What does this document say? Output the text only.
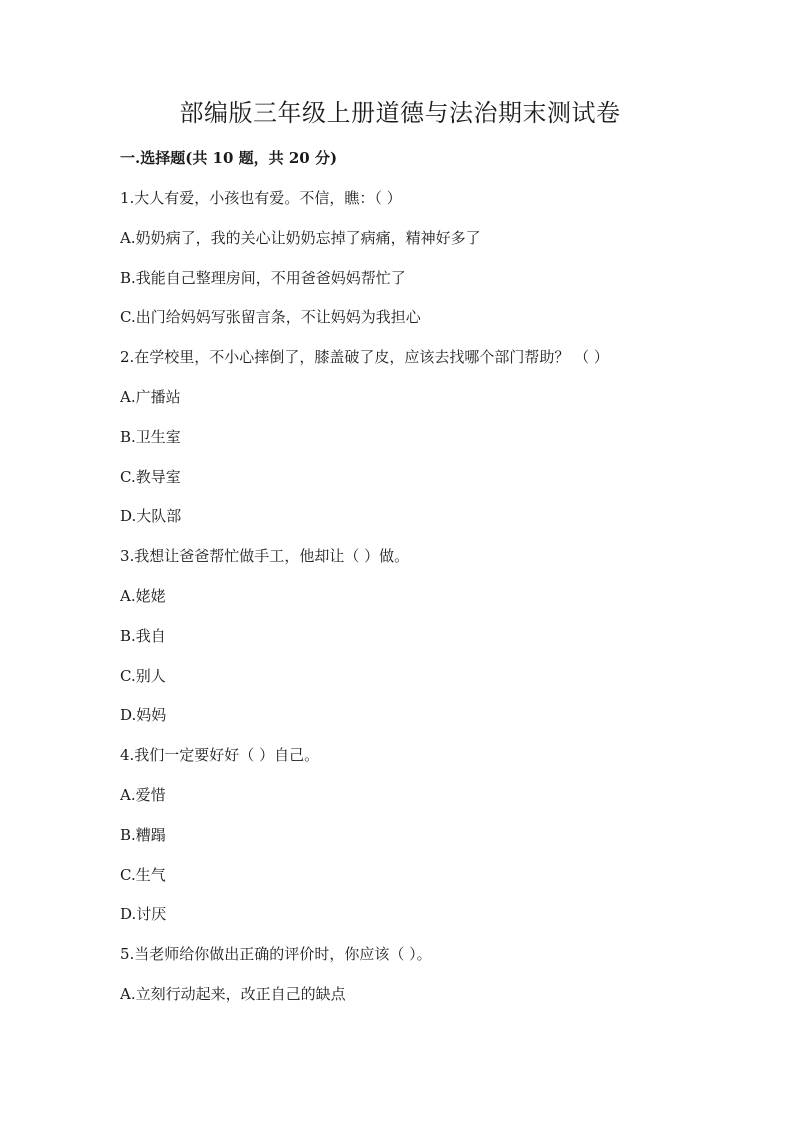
部编版三年级上册道德与法治期末测试卷
一.选择题(共 10 题，共 20 分)
1.大人有爱，小孩也有爱。不信，瞧：（ ）
A.奶奶病了，我的关心让奶奶忘掉了病痛，精神好多了
B.我能自己整理房间，不用爸爸妈妈帮忙了
C.出门给妈妈写张留言条，不让妈妈为我担心
2.在学校里，不小心摔倒了，膝盖破了皮，应该去找哪个部门帮助？ （ ）
A.广播站
B.卫生室
C.教导室
D.大队部
3.我想让爸爸帮忙做手工，他却让（ ）做。
A.姥姥
B.我自
C.别人
D.妈妈
4.我们一定要好好（ ）自己。
A.爱惜
B.糟蹋
C.生气
D.讨厌
5.当老师给你做出正确的评价时，你应该（ ）。
A.立刻行动起来，改正自己的缺点
